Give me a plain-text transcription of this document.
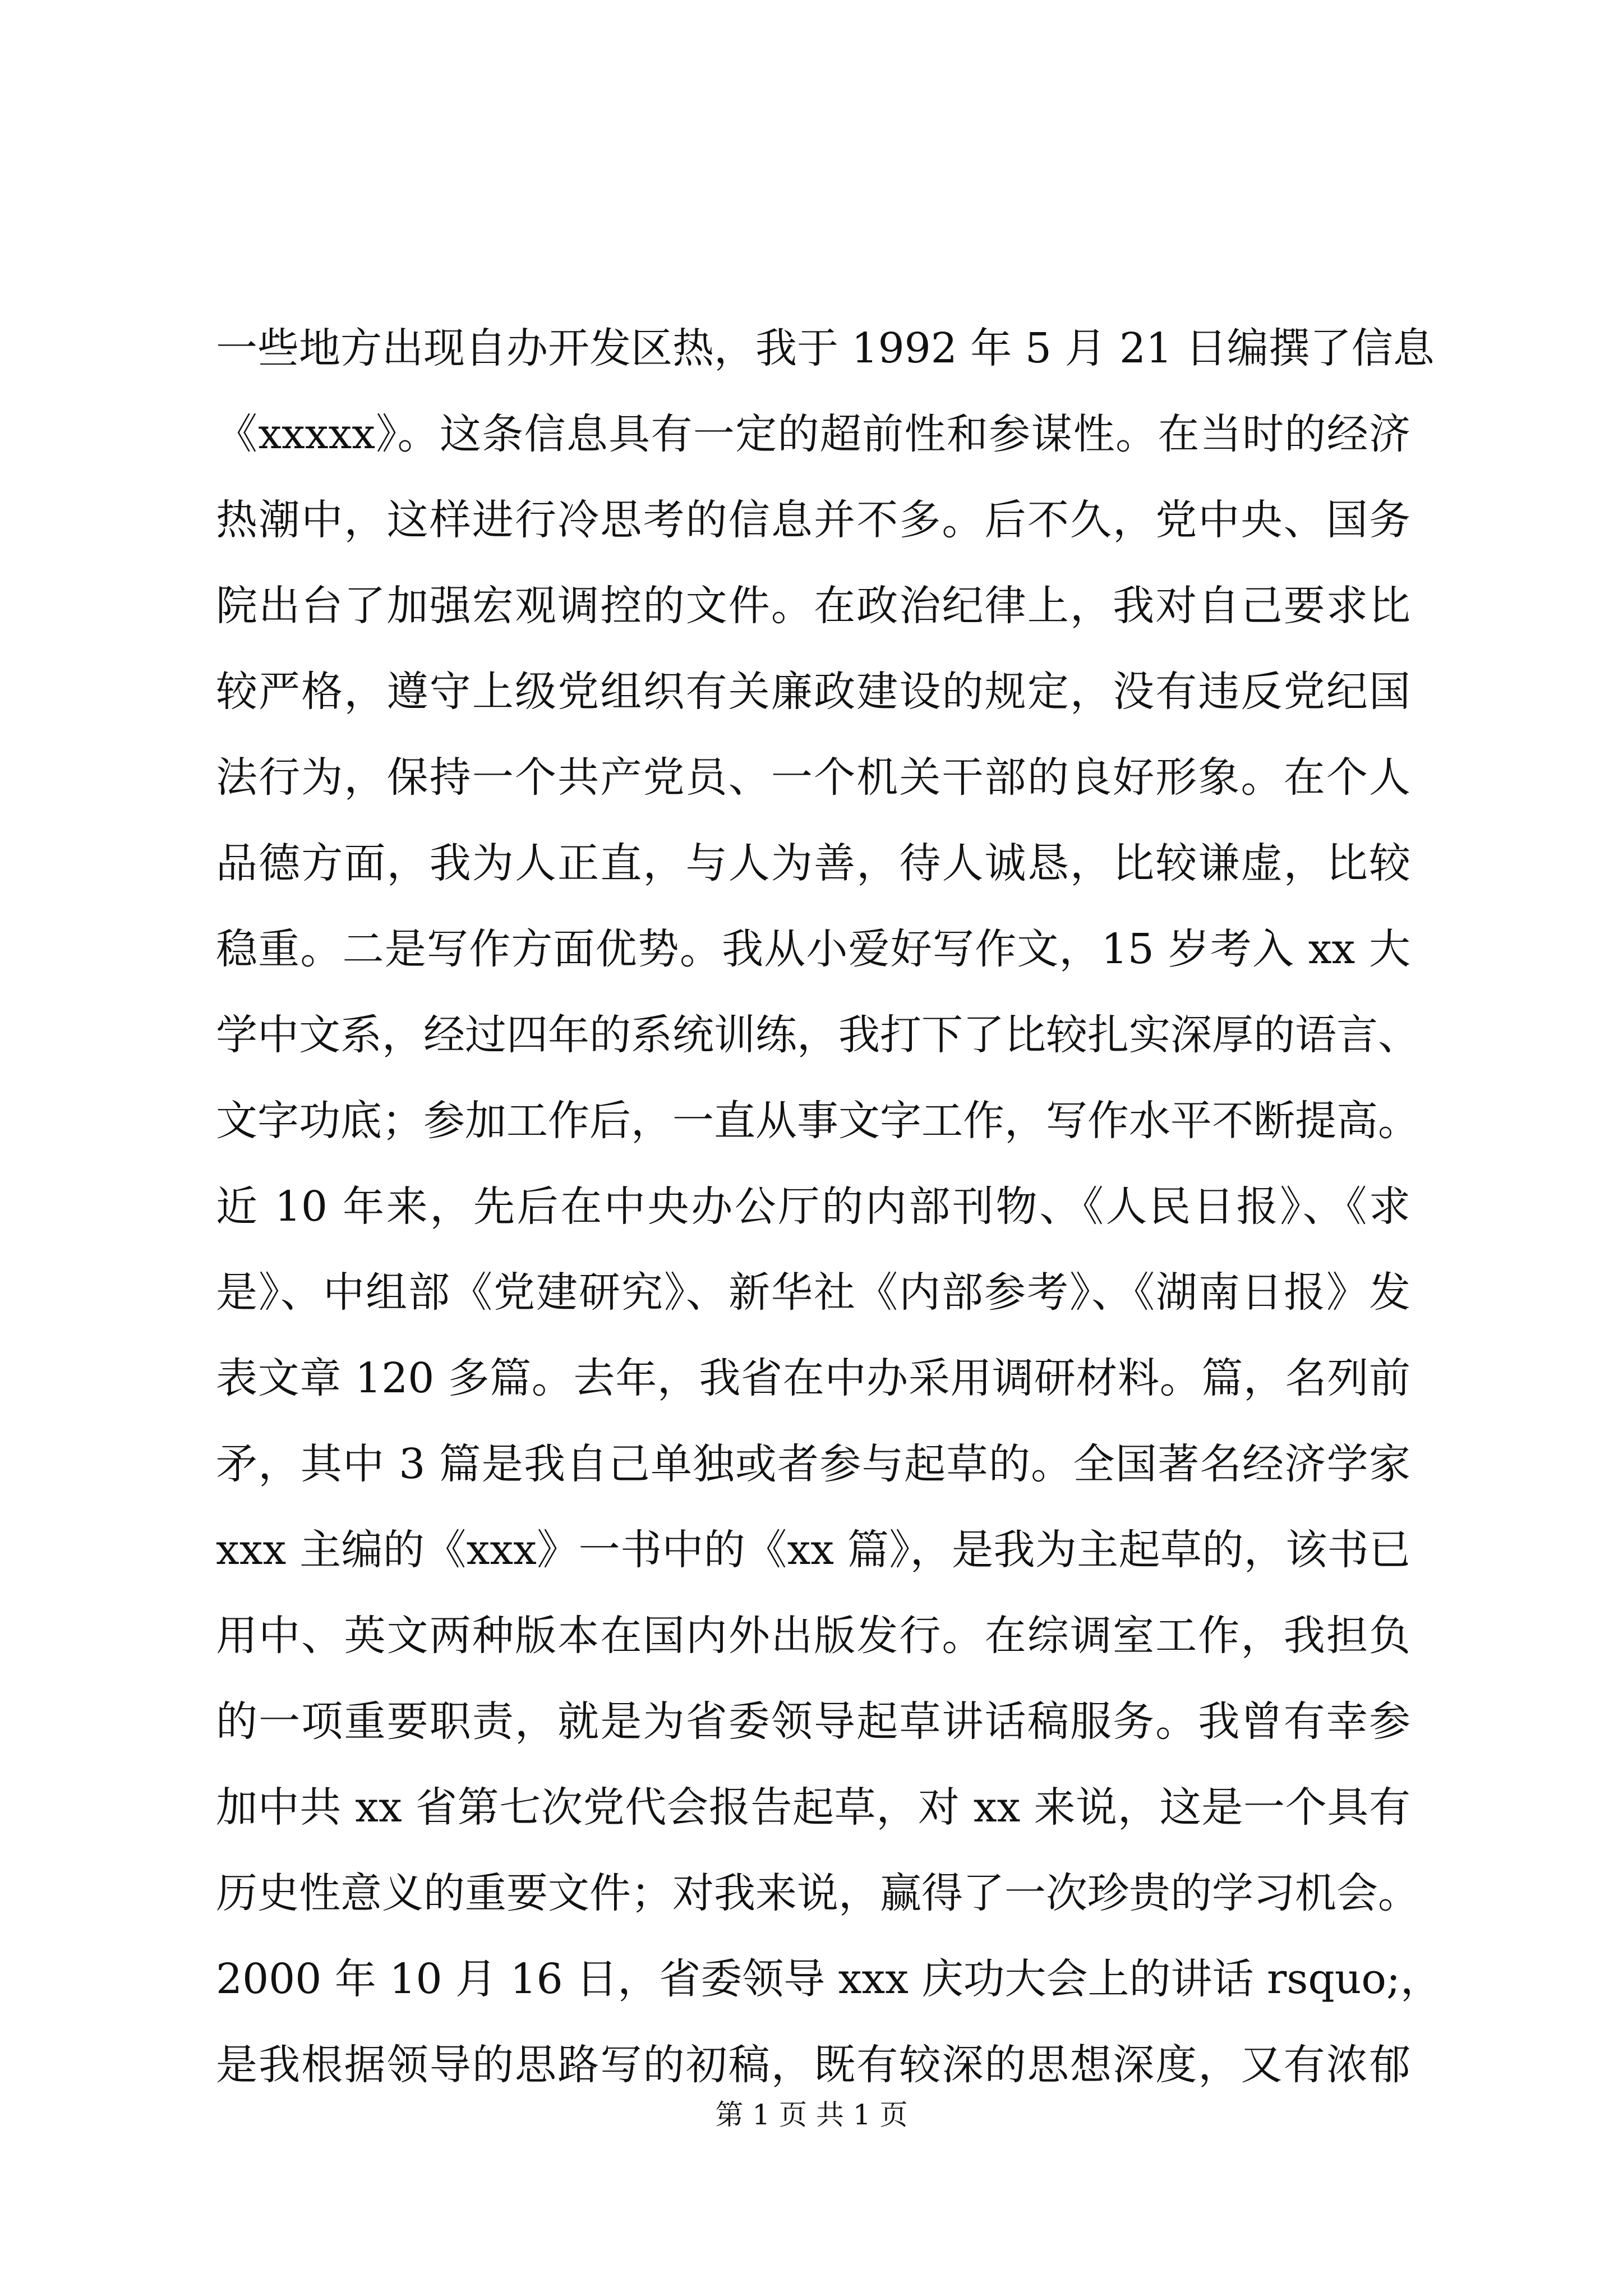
一些地方出现自办开发区热，我于 1992 年 5 月 21 日编撰了信息
《xxxxx》。这条信息具有一定的超前性和参谋性。在当时的经济
热潮中，这样进行冷思考的信息并不多。后不久，党中央、国务
院出台了加强宏观调控的文件。在政治纪律上，我对自己要求比
较严格，遵守上级党组织有关廉政建设的规定，没有违反党纪国
法行为，保持一个共产党员、一个机关干部的良好形象。在个人
品德方面，我为人正直，与人为善，待人诚恳，比较谦虚，比较
稳重。二是写作方面优势。我从小爱好写作文，15 岁考入 xx 大
学中文系，经过四年的系统训练，我打下了比较扎实深厚的语言、
文字功底；参加工作后，一直从事文字工作，写作水平不断提高。
近 10 年来，先后在中央办公厅的内部刊物、《人民日报》、《求
是》、中组部《党建研究》、新华社《内部参考》、《湖南日报》发
表文章 120 多篇。去年，我省在中办采用调研材料。篇，名列前
矛，其中 3 篇是我自己单独或者参与起草的。全国著名经济学家
xxx 主编的《xxx》一书中的《xx 篇》，是我为主起草的，该书已
用中、英文两种版本在国内外出版发行。在综调室工作，我担负
的一项重要职责，就是为省委领导起草讲话稿服务。我曾有幸参
加中共 xx 省第七次党代会报告起草，对 xx 来说，这是一个具有
历史性意义的重要文件；对我来说，赢得了一次珍贵的学习机会。
2000 年 10 月 16 日，省委领导 xxx 庆功大会上的讲话 rsquo;，
是我根据领导的思路写的初稿，既有较深的思想深度，又有浓郁
第 1 页 共 1 页
